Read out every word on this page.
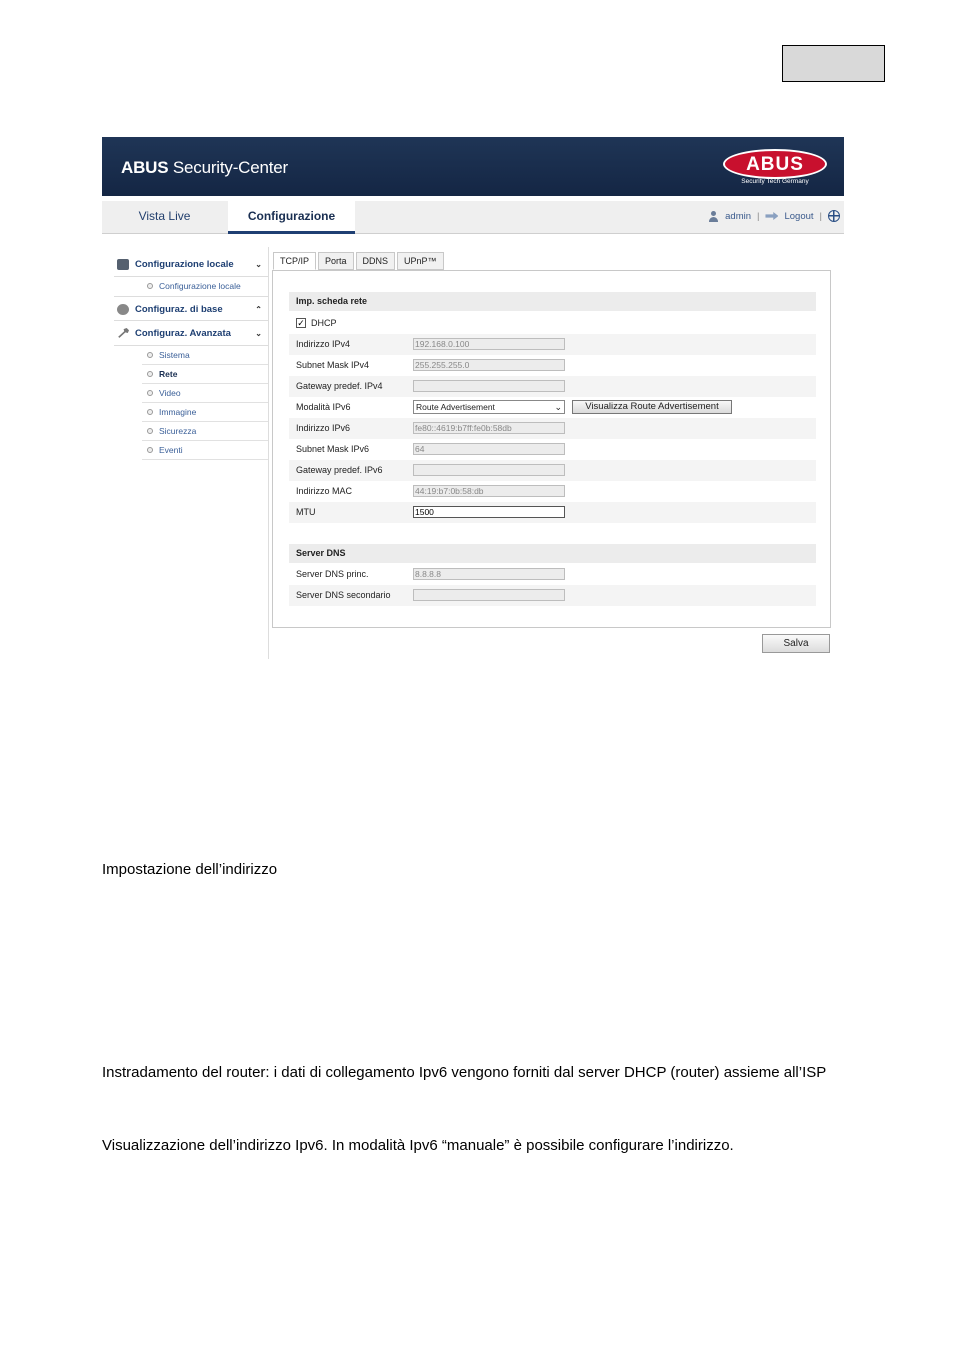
ABUS Security-Center	ABUS
Security Tech Germany
Vista Live	Configurazione	admin |	Logout |
Configurazione locale	⌄
Configurazione locale
Configuraz. di base	⌃
Configuraz. Avanzata	⌄
Sistema
Rete
Video
Immagine
Sicurezza
Eventi
TCP/IP	Porta	DDNS	UPnP™
Imp. scheda rete
✓ DHCP
Indirizzo IPv4	192.168.0.100
Subnet Mask IPv4	255.255.255.0
Gateway predef. IPv4
Modalità IPv6	Route Advertisement	⌄	Visualizza Route Advertisement
Indirizzo IPv6	fe80::4619:b7ff:fe0b:58db
Subnet Mask IPv6	64
Gateway predef. IPv6
Indirizzo MAC	44:19:b7:0b:58:db
MTU	1500
Server DNS
Server DNS princ.	8.8.8.8
Server DNS secondario
Salva
Impostazione dell’indirizzo
Instradamento del router: i dati di collegamento Ipv6 vengono forniti dal server DHCP (router) assieme all’ISP
Visualizzazione dell’indirizzo Ipv6. In modalità Ipv6 “manuale” è possibile configurare l’indirizzo.
